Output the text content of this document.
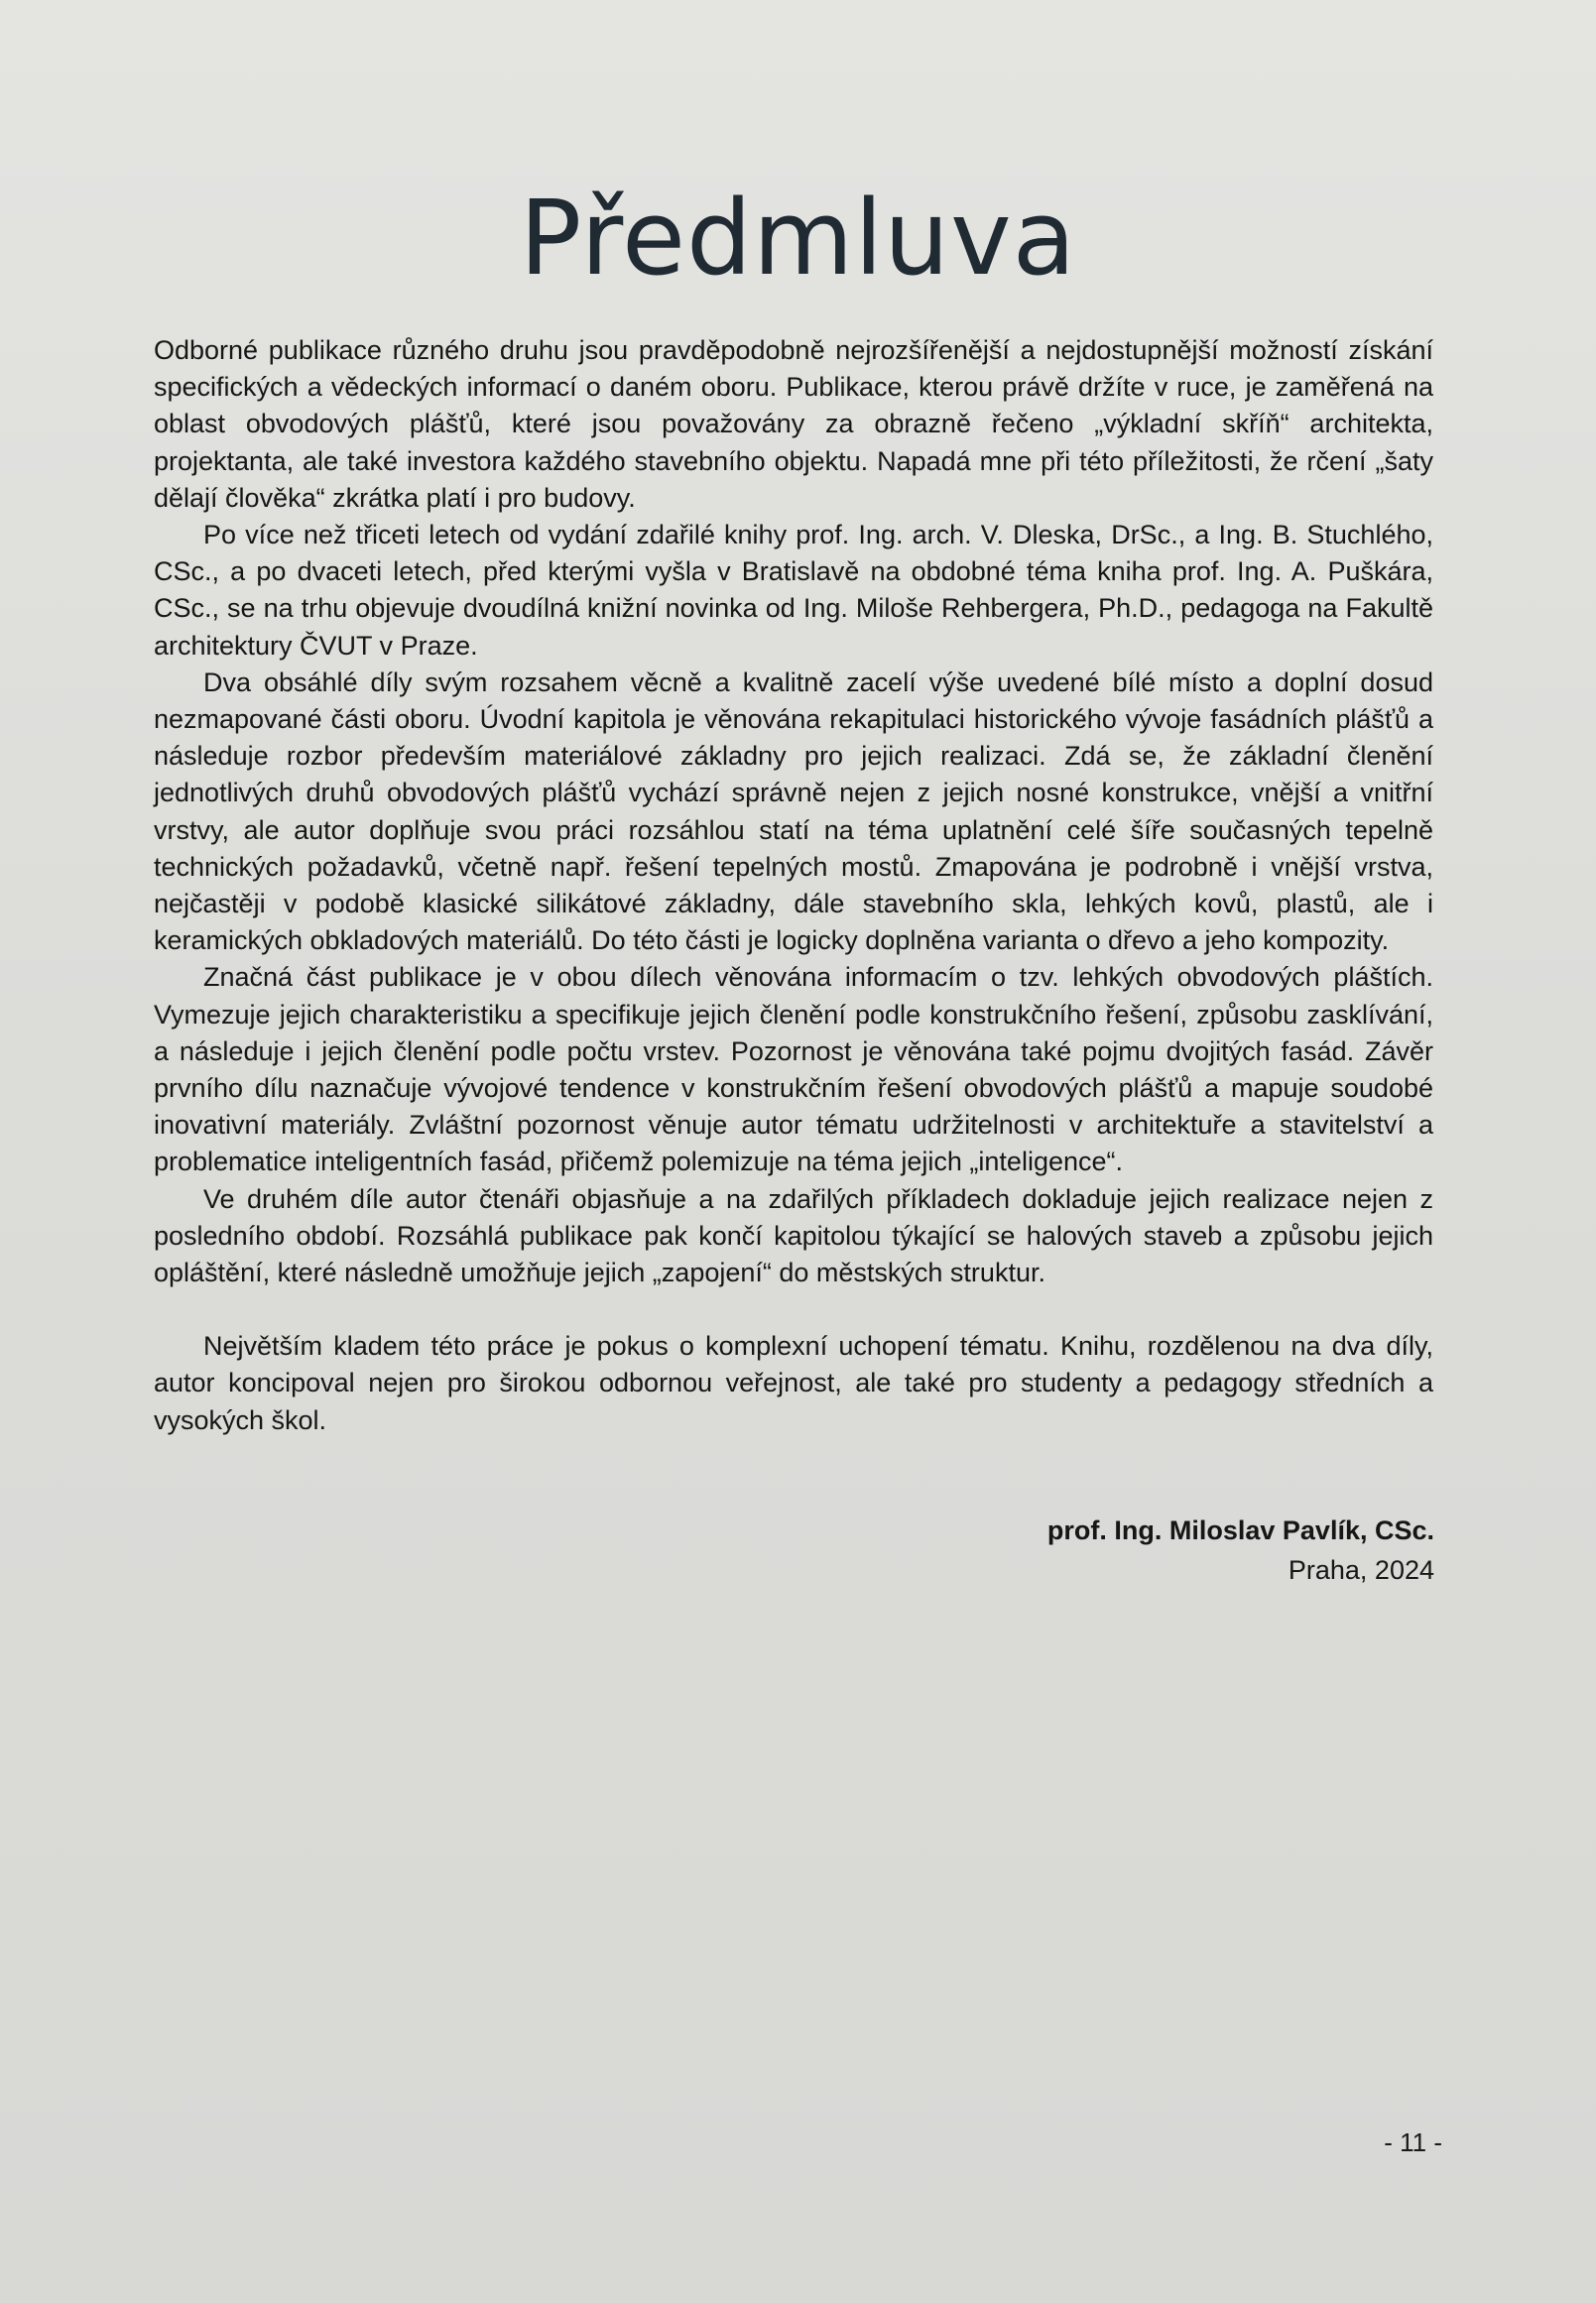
Předmluva

Odborné publikace různého druhu jsou pravděpodobně nejrozšířenější a nejdostupnější možností získání specifických a vědeckých informací o daném oboru. Publikace, kterou právě držíte v ruce, je zaměřená na oblast obvodových plášťů, které jsou považovány za obrazně řečeno „výkladní skříň“ architekta, projektanta, ale také investora každého stavebního objektu. Napadá mne při této příležitosti, že rčení „šaty dělají člověka“ zkrátka platí i pro budovy.

Po více než třiceti letech od vydání zdařilé knihy prof. Ing. arch. V. Dleska, DrSc., a Ing. B. Stuchlého, CSc., a po dvaceti letech, před kterými vyšla v Bratislavě na obdobné téma kniha prof. Ing. A. Puškára, CSc., se na trhu objevuje dvoudílná knižní novinka od Ing. Miloše Rehbergera, Ph.D., pedagoga na Fakultě architektury ČVUT v Praze.

Dva obsáhlé díly svým rozsahem věcně a kvalitně zacelí výše uvedené bílé místo a doplní dosud nezmapované části oboru. Úvodní kapitola je věnována rekapitulaci historického vývoje fasádních plášťů a následuje rozbor především materiálové základny pro jejich realizaci. Zdá se, že základní členění jednotlivých druhů obvodových plášťů vychází správně nejen z jejich nosné konstrukce, vnější a vnitřní vrstvy, ale autor doplňuje svou práci rozsáhlou statí na téma uplatnění celé šíře současných tepelně technických požadavků, včetně např. řešení tepelných mostů. Zmapována je podrobně i vnější vrstva, nejčastěji v podobě klasické silikátové základny, dále stavebního skla, lehkých kovů, plastů, ale i keramických obkladových materiálů. Do této části je logicky doplněna varianta o dřevo a jeho kompozity.

Značná část publikace je v obou dílech věnována informacím o tzv. lehkých obvodových pláštích. Vymezuje jejich charakteristiku a specifikuje jejich členění podle konstrukčního řešení, způsobu zasklívání, a následuje i jejich členění podle počtu vrstev. Pozornost je věnována také pojmu dvojitých fasád. Závěr prvního dílu naznačuje vývojové tendence v konstrukčním řešení obvodových plášťů a mapuje soudobé inovativní materiály. Zvláštní pozornost věnuje autor tématu udržitelnosti v architektuře a stavitelství a problematice inteligentních fasád, přičemž polemizuje na téma jejich „inteligence“.

Ve druhém díle autor čtenáři objasňuje a na zdařilých příkladech dokladuje jejich realizace nejen z posledního období. Rozsáhlá publikace pak končí kapitolou týkající se halových staveb a způsobu jejich opláštění, které následně umožňuje jejich „zapojení“ do městských struktur.

Největším kladem této práce je pokus o komplexní uchopení tématu. Knihu, rozdělenou na dva díly, autor koncipoval nejen pro širokou odbornou veřejnost, ale také pro studenty a pedagogy středních a vysokých škol.

prof. Ing. Miloslav Pavlík, CSc.
Praha, 2024
- 11 -
